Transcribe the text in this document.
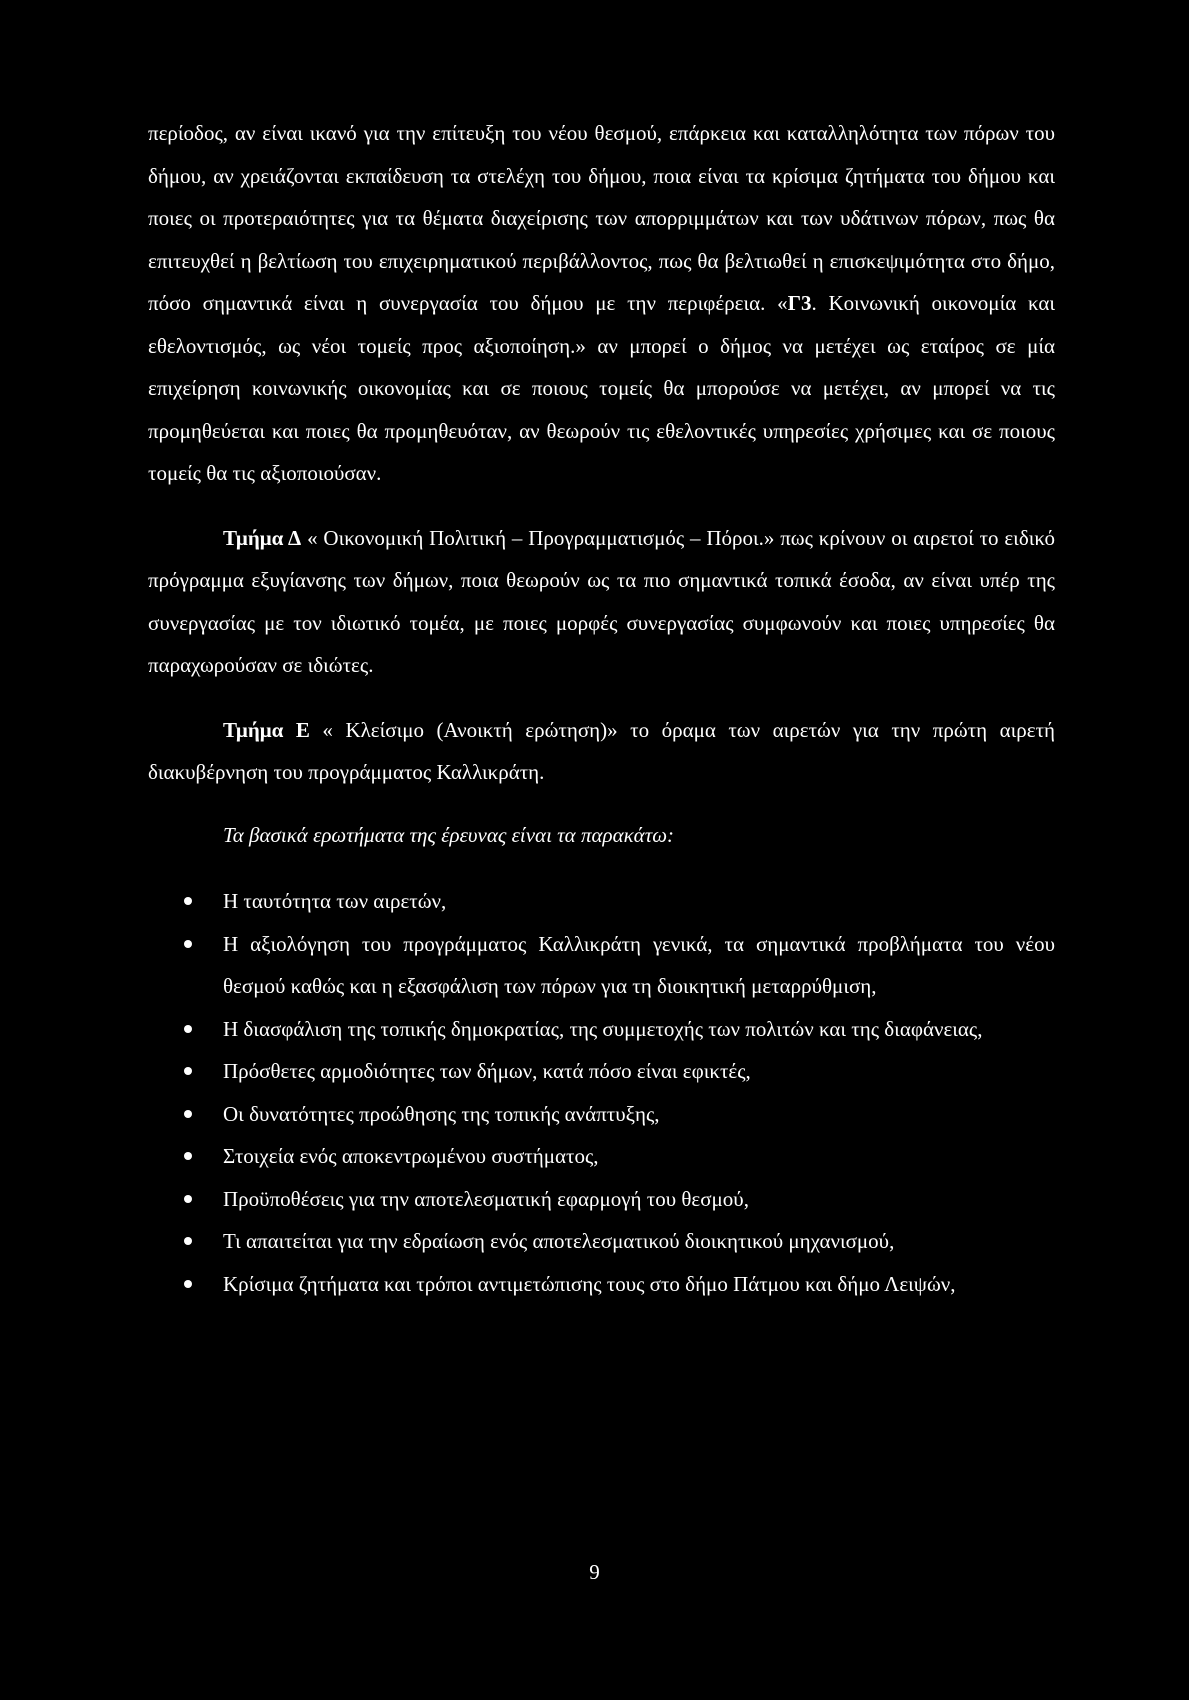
περίοδος, αν είναι ικανό για την επίτευξη του νέου θεσμού, επάρκεια και καταλληλότητα των πόρων του δήμου, αν χρειάζονται εκπαίδευση τα στελέχη του δήμου, ποια είναι τα κρίσιμα ζητήματα του δήμου και ποιες οι προτεραιότητες για τα θέματα διαχείρισης των απορριμμάτων και των υδάτινων πόρων, πως θα επιτευχθεί η βελτίωση του επιχειρηματικού περιβάλλοντος, πως θα βελτιωθεί η επισκεψιμότητα στο δήμο, πόσο σημαντικά είναι η συνεργασία του δήμου με την περιφέρεια. «Γ3. Κοινωνική οικονομία και εθελοντισμός, ως νέοι τομείς προς αξιοποίηση.» αν μπορεί ο δήμος να μετέχει ως εταίρος σε μία επιχείρηση κοινωνικής οικονομίας και σε ποιους τομείς θα μπορούσε να μετέχει, αν μπορεί να τις προμηθεύεται και ποιες θα προμηθευόταν, αν θεωρούν τις εθελοντικές υπηρεσίες χρήσιμες και σε ποιους τομείς θα τις αξιοποιούσαν.

Τμήμα Δ « Οικονομική Πολιτική – Προγραμματισμός – Πόροι.» πως κρίνουν οι αιρετοί το ειδικό πρόγραμμα εξυγίανσης των δήμων, ποια θεωρούν ως τα πιο σημαντικά τοπικά έσοδα, αν είναι υπέρ της συνεργασίας με τον ιδιωτικό τομέα, με ποιες μορφές συνεργασίας συμφωνούν και ποιες υπηρεσίες θα παραχωρούσαν σε ιδιώτες.

Τμήμα Ε « Κλείσιμο (Ανοικτή ερώτηση)» το όραμα των αιρετών για την πρώτη αιρετή διακυβέρνηση του προγράμματος Καλλικράτη.

Τα βασικά ερωτήματα της έρευνας είναι τα παρακάτω:

Η ταυτότητα των αιρετών,
Η αξιολόγηση του προγράμματος Καλλικράτη γενικά, τα σημαντικά προβλήματα του νέου θεσμού καθώς και η εξασφάλιση των πόρων για τη διοικητική μεταρρύθμιση,
Η διασφάλιση της τοπικής δημοκρατίας, της συμμετοχής των πολιτών και της διαφάνειας,
Πρόσθετες αρμοδιότητες των δήμων, κατά πόσο είναι εφικτές,
Οι δυνατότητες προώθησης της τοπικής ανάπτυξης,
Στοιχεία ενός αποκεντρωμένου συστήματος,
Προϋποθέσεις για την αποτελεσματική εφαρμογή του θεσμού,
Τι απαιτείται για την εδραίωση ενός αποτελεσματικού διοικητικού μηχανισμού,
Κρίσιμα ζητήματα και τρόποι αντιμετώπισης τους στο δήμο Πάτμου και δήμο Λειψών,
9
